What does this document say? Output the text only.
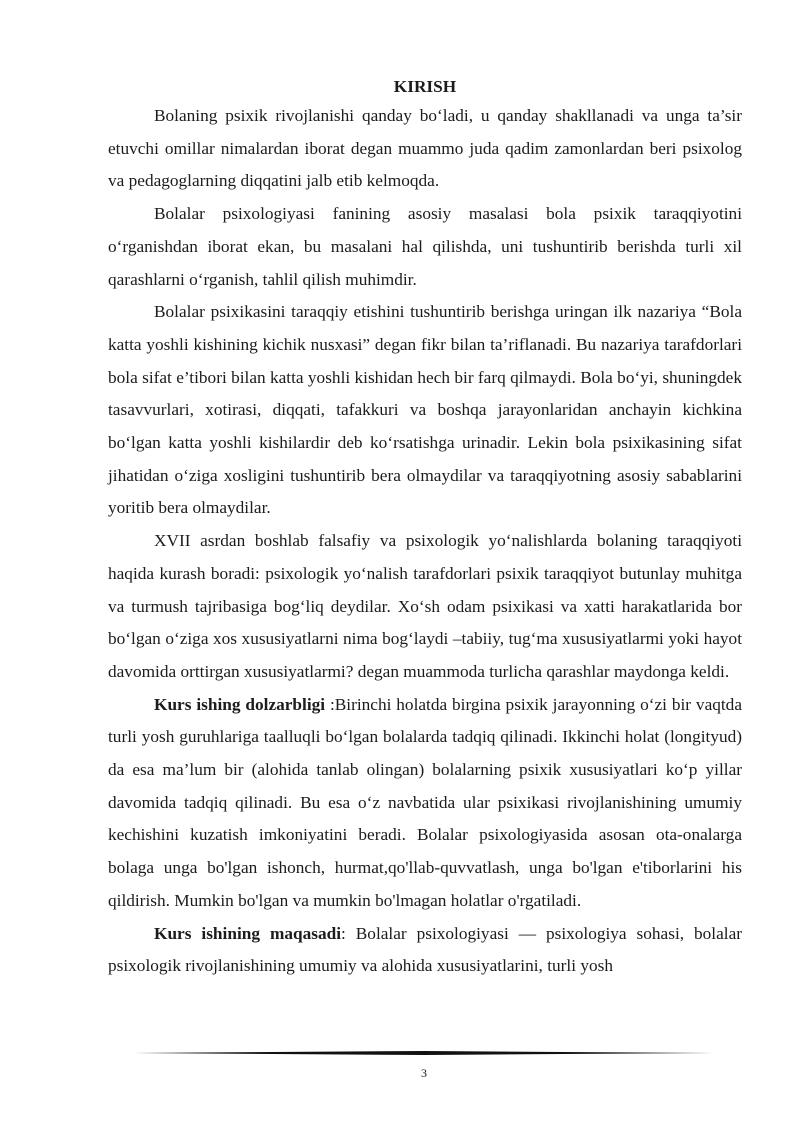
KIRISH

Bolaning psixik rivojlanishi qanday bo‘ladi, u qanday shakllanadi va unga ta’sir etuvchi omillar nimalardan iborat degan muammo juda qadim zamonlardan beri psixolog va pedagoglarning diqqatini jalb etib kelmoqda.

Bolalar psixologiyasi fanining asosiy masalasi bola psixik taraqqiyotini o‘rganishdan iborat ekan, bu masalani hal qilishda, uni tushuntirib berishda turli xil qarashlarni o‘rganish, tahlil qilish muhimdir.

Bolalar psixikasini taraqqiy etishini tushuntirib berishga uringan ilk nazariya “Bola katta yoshli kishining kichik nusxasi” degan fikr bilan ta’riflanadi. Bu nazariya tarafdorlari bola sifat e’tibori bilan katta yoshli kishidan hech bir farq qilmaydi. Bola bo‘yi, shuningdek tasavvurlari, xotirasi, diqqati, tafakkuri va boshqa jarayonlaridan anchayin kichkina bo‘lgan katta yoshli kishilardir deb ko‘rsatishga urinadir. Lekin bola psixikasining sifat jihatidan o‘ziga xosligini tushuntirib bera olmaydilar va taraqqiyotning asosiy sabablarini yoritib bera olmaydilar.

XVII asrdan boshlab falsafiy va psixologik yo‘nalishlarda bolaning taraqqiyoti haqida kurash boradi: psixologik yo‘nalish tarafdorlari psixik taraqqiyot butunlay muhitga va turmush tajribasiga bog‘liq deydilar. Xo‘sh odam psixikasi va xatti harakatlarida bor bo‘lgan o‘ziga xos xususiyatlarni nima bog‘laydi –tabiiy, tug‘ma xususiyatlarmi yoki hayot davomida orttirgan xususiyatlarmi? degan muammoda turlicha qarashlar maydonga keldi.

Kurs ishing dolzarbligi :Birinchi holatda birgina psixik jarayonning o‘zi bir vaqtda turli yosh guruhlariga taalluqli bo‘lgan bolalarda tadqiq qilinadi. Ikkinchi holat (longityud) da esa ma’lum bir (alohida tanlab olingan) bolalarning psixik xususiyatlari ko‘p yillar davomida tadqiq qilinadi. Bu esa o‘z navbatida ular psixikasi rivojlanishining umumiy kechishini kuzatish imkoniyatini beradi. Bolalar psixologiyasida asosan ota-onalarga bolaga unga bo'lgan ishonch, hurmat,qo'llab-quvvatlash, unga bo'lgan e'tiborlarini his qildirish. Mumkin bo'lgan va mumkin bo'lmagan holatlar o'rgatiladi.

Kurs ishining maqasadi: Bolalar psixologiyasi — psixologiya sohasi, bolalar psixologik rivojlanishining umumiy va alohida xususiyatlarini, turli yosh

3
